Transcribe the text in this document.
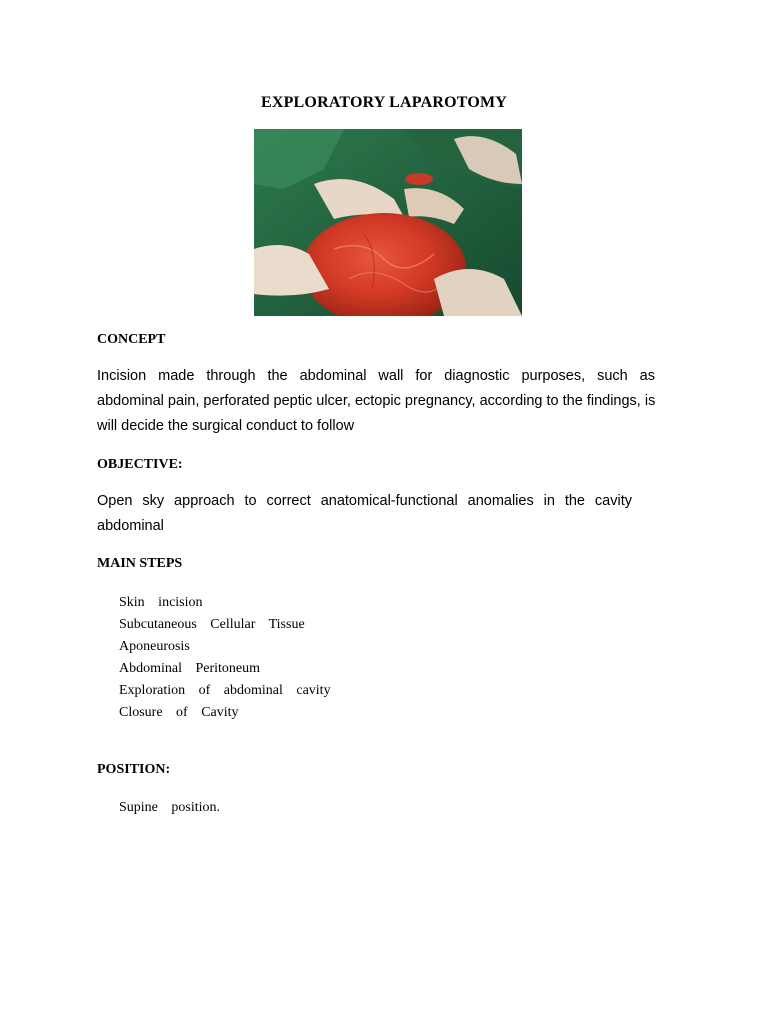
EXPLORATORY LAPAROTOMY
CONCEPT
Incision made through the abdominal wall for diagnostic purposes, such as
abdominal pain, perforated peptic ulcer, ectopic pregnancy, according to the findings, is
will decide the surgical conduct to follow
OBJECTIVE:
Open sky approach to correct anatomical-functional anomalies in the cavity
abdominal
MAIN STEPS
Skin incision
Subcutaneous Cellular Tissue
Aponeurosis
Abdominal Peritoneum
Exploration of abdominal cavity
Closure of Cavity
POSITION:
Supine position.
